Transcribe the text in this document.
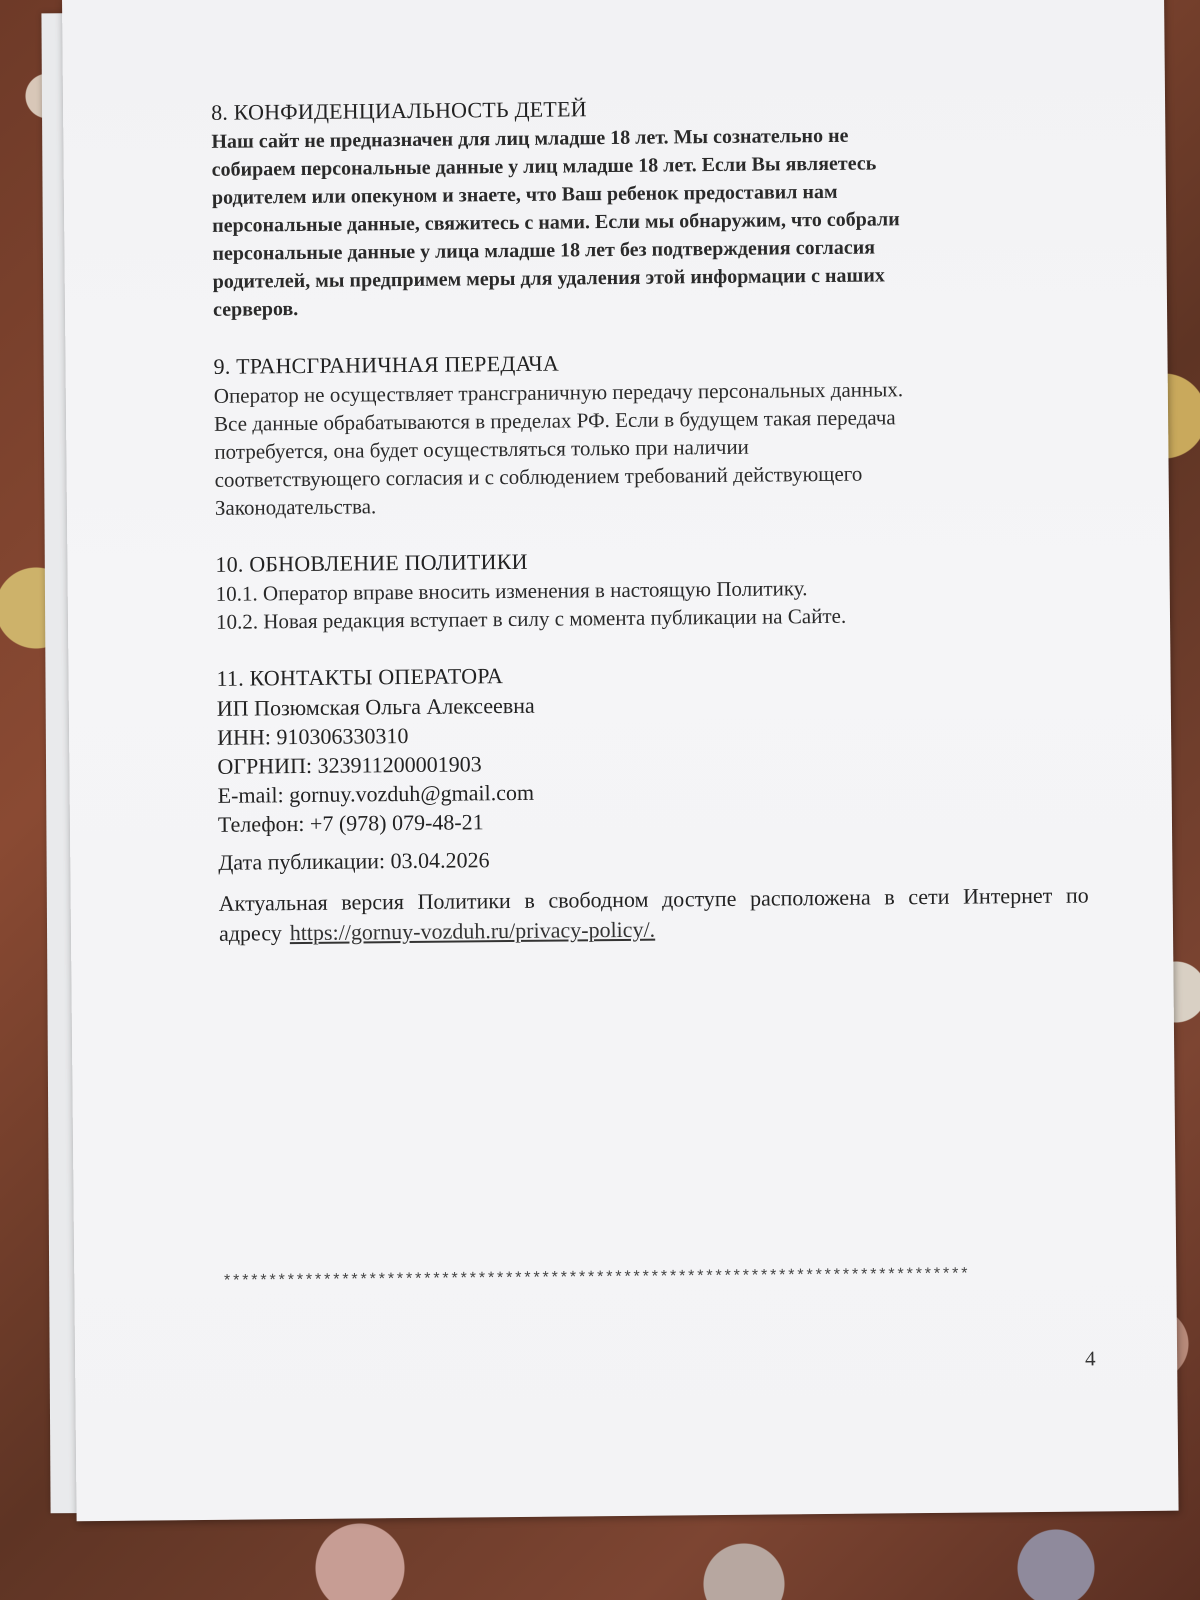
8. КОНФИДЕНЦИАЛЬНОСТЬ ДЕТЕЙ

Наш сайт не предназначен для лиц младше 18 лет. Мы сознательно не
собираем персональные данные у лиц младше 18 лет. Если Вы являетесь
родителем или опекуном и знаете, что Ваш ребенок предоставил нам
персональные данные, свяжитесь с нами. Если мы обнаружим, что собрали
персональные данные у лица младше 18 лет без подтверждения согласия
родителей, мы предпримем меры для удаления этой информации с наших
серверов.

9. ТРАНСГРАНИЧНАЯ ПЕРЕДАЧА

Оператор не осуществляет трансграничную передачу персональных данных.
Все данные обрабатываются в пределах РФ. Если в будущем такая передача
потребуется, она будет осуществляться только при наличии
соответствующего согласия и с соблюдением требований действующего
Законодательства.

10. ОБНОВЛЕНИЕ ПОЛИТИКИ

10.1. Оператор вправе вносить изменения в настоящую Политику.
10.2. Новая редакция вступает в силу с момента публикации на Сайте.

11. КОНТАКТЫ ОПЕРАТОРА

ИП Позюмская Ольга Алексеевна
ИНН: 910306330310
ОГРНИП: 323911200001903
E-mail: gornuy.vozduh@gmail.com
Телефон: +7 (978) 079-48-21
Дата публикации: 03.04.2026
Актуальная версия Политики в свободном доступе расположена в сети Интернет по адресу https://gornuy-vozduh.ru/privacy-policy/.
**********************************************************************************
4
